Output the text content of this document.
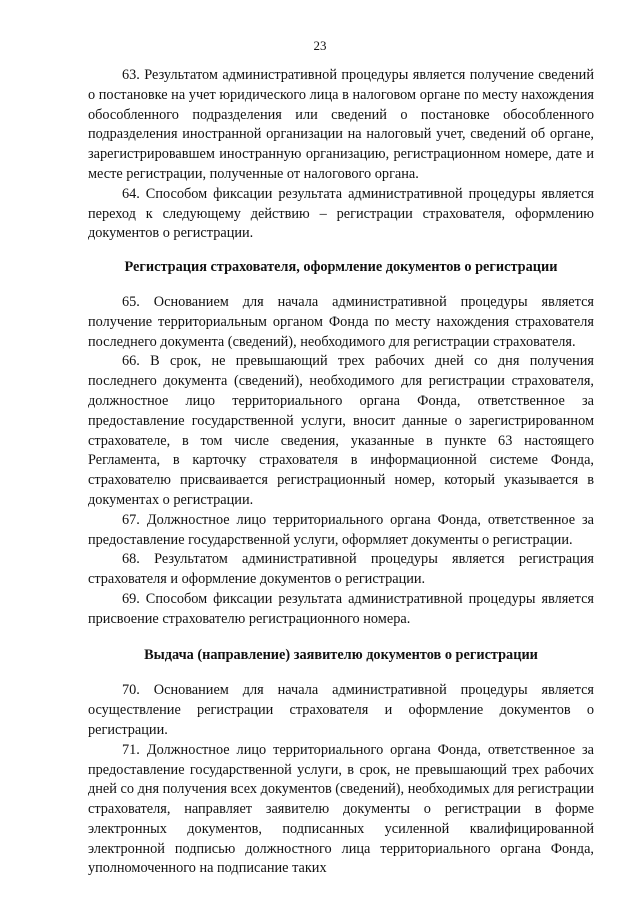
23

63. Результатом административной процедуры является получение сведений о постановке на учет юридического лица в налоговом органе по месту нахождения обособленного подразделения или сведений о постановке обособленного подразделения иностранной организации на налоговый учет, сведений об органе, зарегистрировавшем иностранную организацию, регистрационном номере, дате и месте регистрации, полученные от налогового органа.

64. Способом фиксации результата административной процедуры является переход к следующему действию – регистрации страхователя, оформлению документов о регистрации.

Регистрация страхователя, оформление документов о регистрации

65. Основанием для начала административной процедуры является получение территориальным органом Фонда по месту нахождения страхователя последнего документа (сведений), необходимого для регистрации страхователя.

66. В срок, не превышающий трех рабочих дней со дня получения последнего документа (сведений), необходимого для регистрации страхователя, должностное лицо территориального органа Фонда, ответственное за предоставление государственной услуги, вносит данные о зарегистрированном страхователе, в том числе сведения, указанные в пункте 63 настоящего Регламента, в карточку страхователя в информационной системе Фонда, страхователю присваивается регистрационный номер, который указывается в документах о регистрации.

67. Должностное лицо территориального органа Фонда, ответственное за предоставление государственной услуги, оформляет документы о регистрации.

68. Результатом административной процедуры является регистрация страхователя и оформление документов о регистрации.

69. Способом фиксации результата административной процедуры является присвоение страхователю регистрационного номера.

Выдача (направление) заявителю документов о регистрации

70. Основанием для начала административной процедуры является осуществление регистрации страхователя и оформление документов о регистрации.

71. Должностное лицо территориального органа Фонда, ответственное за предоставление государственной услуги, в срок, не превышающий трех рабочих дней со дня получения всех документов (сведений), необходимых для регистрации страхователя, направляет заявителю документы о регистрации в форме электронных документов, подписанных усиленной квалифицированной электронной подписью должностного лица территориального органа Фонда, уполномоченного на подписание таких
